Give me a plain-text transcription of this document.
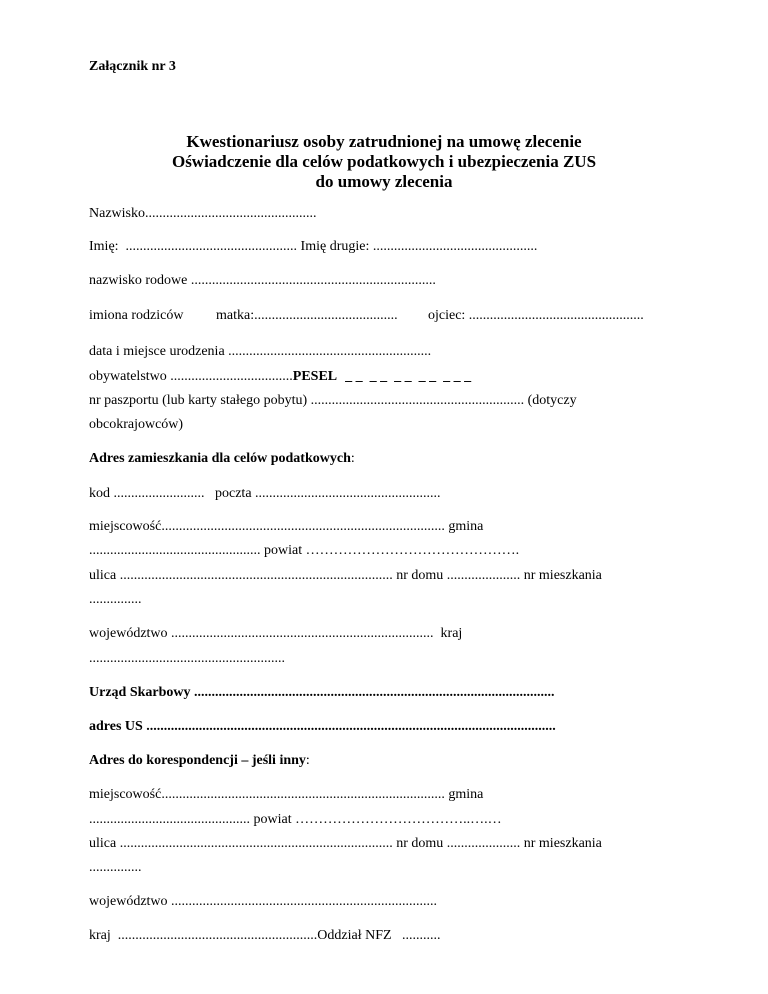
Załącznik nr 3
Kwestionariusz osoby zatrudnionej na umowę zlecenie
Oświadczenie dla celów podatkowych i ubezpieczenia ZUS
do umowy zlecenia
Nazwisko.................................................
Imię:  ................................................. Imię drugie: ...............................................
nazwisko rodowe ......................................................................
imiona rodziców matka:......................................... ojciec: ..................................................
data i miejsce urodzenia ..........................................................
obywatelstwo ...................................PESEL _ _  _ _  _ _  _ _  _ _ _
nr paszportu (lub karty stałego pobytu) ............................................................. (dotyczy
obcokrajowców)
Adres zamieszkania dla celów podatkowych:
kod ..........................   poczta .....................................................
miejscowość................................................................................. gmina
................................................. powiat ……………………………………….
ulica .............................................................................. nr domu ..................... nr mieszkania
...............
województwo ...........................................................................  kraj
........................................................
Urząd Skarbowy .......................................................................................................
adres US .....................................................................................................................
Adres do korespondencji – jeśli inny:
miejscowość................................................................................. gmina
.............................................. powiat ………………………………..….…
ulica .............................................................................. nr domu ..................... nr mieszkania
...............
województwo ............................................................................
kraj  .........................................................Oddział NFZ   ...........
